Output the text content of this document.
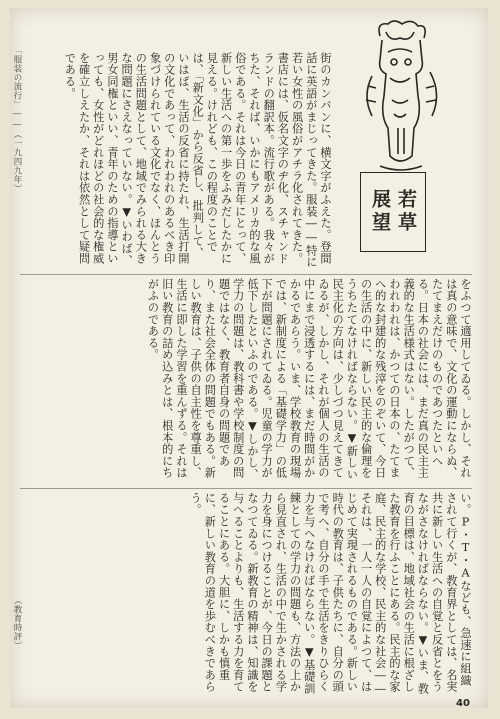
若草
展望
「服装の流行」――（一九四九年）	街のカンバンに、横文字がふえた。登間話に英語がまじってきた。服装――特に若い女性の風俗がアチラ化されてきた。書店には、仮名文字のヂ化、スチャンドランドの翻訳本。流行歌がある。我々がちた、それば、いかにもアメリカ的な風俗である。それは今日の青年にとって、新しい生活への第一歩をふみだしたかに見える。けれども、この程度のことでは、「新文化」から反省し、批判して、いはば、生活の反省に持たれ、生活打開の文化であって、われわれのあるべき印象づけられている文化でなく、ほんとうの生活問題として、地域でみられる大きな問題にさえなっていない。▼いわば、男女同権といい、青年のための指導といっても、女性がどれほどの社会的な権威を確立しえたか、それは依然として疑問である。
をふつて適用してゐる。しかし、それは真の意味で、文化の運動にならぬ、たてまえだけのものであつたといへる。日本の社会には、まだ真の民主主義的な生活様式はない。したがつて、われわれは、かつての日本の、たてまへ的な封建的な残滓をのぞいて、今日の生活の中に、新しい民主的な倫理をうちたてなければならない。▼新しい民主化の方向は、少しづつ見えてきてゐるが、しかし、それが個人の生活の中にまで浸透するには、まだ時間がかかるであらう。いま、学校教育の現場では、新制度による「基礎学力」の低下が問題にされてゐる。児童の学力が低下したといふのである。▼しかし、学力の問題は、教科書や学校制度の問題ではなく、教育者自身の問題であり、また社会全体の問題でもある。新しい教育は、子供の自主性を尊重し、生活に即した学習を重んずる。それは旧い教育の詰め込みとは、根本的にちがふのである。
い。P・T・Aなども、急速に組織されて行くが、教育界としては、名実共に新しい生活への自覚と反省とをうながさなければならない。▼いま、教育の目標は、地域社会の生活に根ざした教育を行ふことにある。民主的な家庭、民主的な学校、民主的な社会――それは、一人一人の自覚によつて、はじめて実現されるものである。新しい時代の教育は、子供たちに、自分の頭で考へ、自分の手で生活をきりひらく力を与へなければならない。▼基礎訓練としての学力の問題も、方法の上から見直され、生活の中で生かされる学力を身につけることが、今日の課題となつてゐる。新教育の精神は、知識を与へることよりも、生活する力を育てることにある。大胆に、しかも慎重に、新しい教育の道を歩むべきであらう。
（教育時評）
40
